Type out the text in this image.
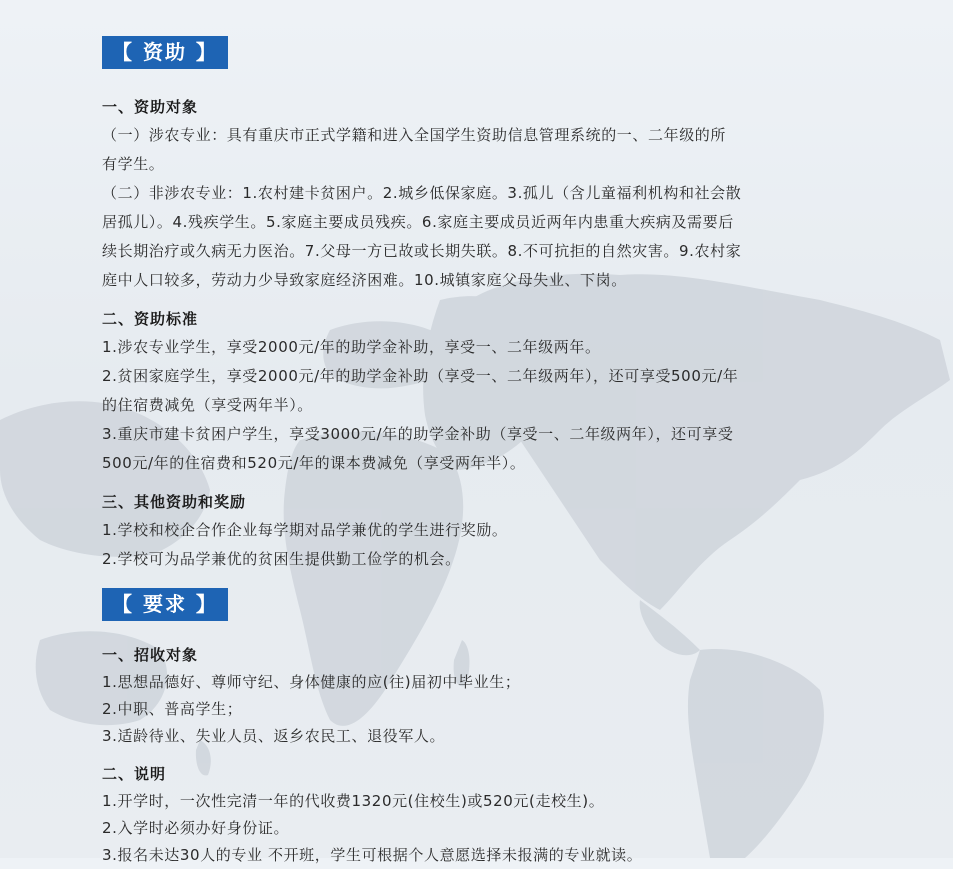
【 资助 】
一、资助对象

（一）涉农专业：具有重庆市正式学籍和进入全国学生资助信息管理系统的一、二年级的所

有学生。

（二）非涉农专业：1.农村建卡贫困户。2.城乡低保家庭。3.孤儿（含儿童福利机构和社会散

居孤儿）。4.残疾学生。5.家庭主要成员残疾。6.家庭主要成员近两年内患重大疾病及需要后

续长期治疗或久病无力医治。7.父母一方已故或长期失联。8.不可抗拒的自然灾害。9.农村家

庭中人口较多，劳动力少导致家庭经济困难。10.城镇家庭父母失业、下岗。

二、资助标准

1.涉农专业学生，享受2000元/年的助学金补助，享受一、二年级两年。

2.贫困家庭学生，享受2000元/年的助学金补助（享受一、二年级两年），还可享受500元/年

的住宿费减免（享受两年半）。

3.重庆市建卡贫困户学生，享受3000元/年的助学金补助（享受一、二年级两年），还可享受

500元/年的住宿费和520元/年的课本费减免（享受两年半）。

三、其他资助和奖励

1.学校和校企合作企业每学期对品学兼优的学生进行奖励。

2.学校可为品学兼优的贫困生提供勤工俭学的机会。

【 要求 】
一、招收对象

1.思想品德好、尊师守纪、身体健康的应(往)届初中毕业生；

2.中职、普高学生；

3.适龄待业、失业人员、返乡农民工、退役军人。

二、说明

1.开学时，一次性完清一年的代收费1320元(住校生)或520元(走校生)。

2.入学时必须办好身份证。

3.报名未达30人的专业 不开班，学生可根据个人意愿选择未报满的专业就读。
